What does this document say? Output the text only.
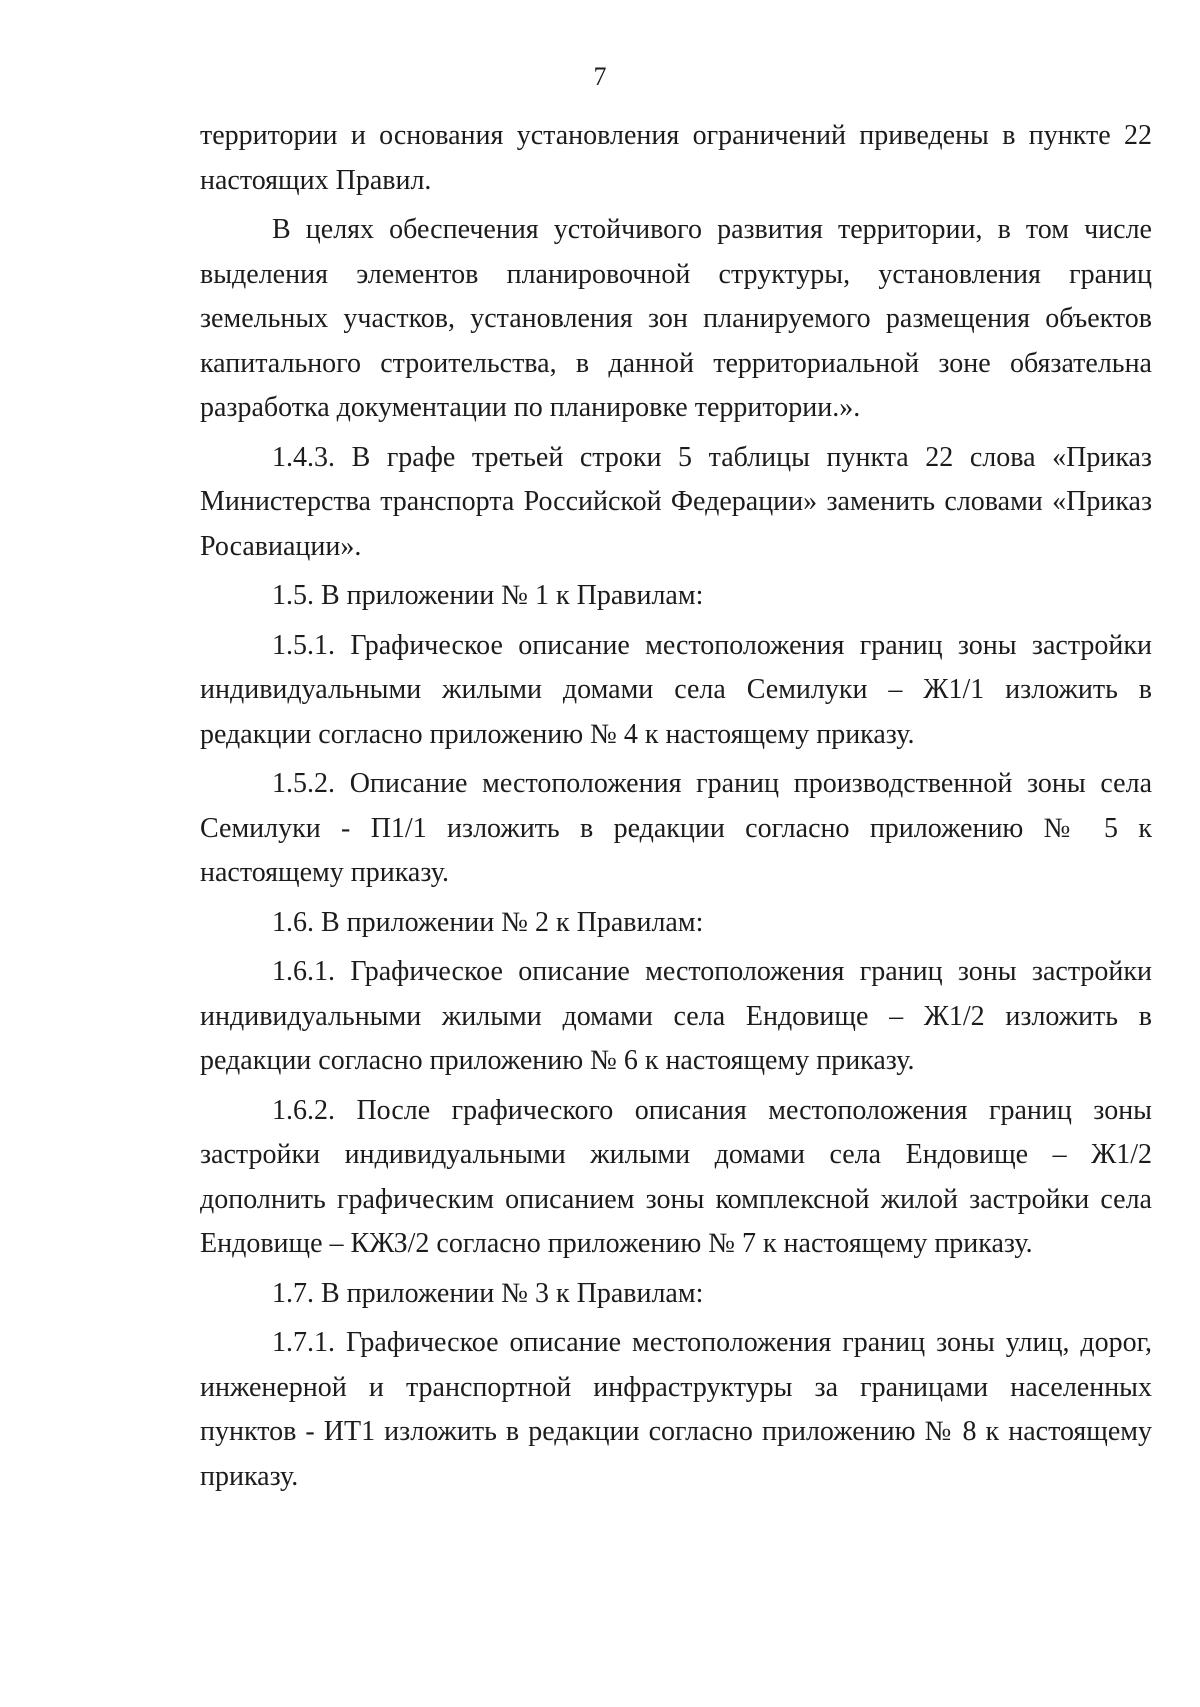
7

территории и основания установления ограничений приведены в пункте 22 настоящих Правил.

В целях обеспечения устойчивого развития территории, в том числе выделения элементов планировочной структуры, установления границ земельных участков, установления зон планируемого размещения объектов капитального строительства, в данной территориальной зоне обязательна разработка документации по планировке территории.».

1.4.3. В графе третьей строки 5 таблицы пункта 22 слова «Приказ Министерства транспорта Российской Федерации» заменить словами «Приказ Росавиации».

1.5. В приложении № 1 к Правилам:

1.5.1. Графическое описание местоположения границ зоны застройки индивидуальными жилыми домами села Семилуки – Ж1/1 изложить в редакции согласно приложению № 4 к настоящему приказу.

1.5.2. Описание местоположения границ производственной зоны села Семилуки - П1/1 изложить в редакции согласно приложению № 5 к настоящему приказу.

1.6. В приложении № 2 к Правилам:

1.6.1. Графическое описание местоположения границ зоны застройки индивидуальными жилыми домами села Ендовище – Ж1/2 изложить в редакции согласно приложению № 6 к настоящему приказу.

1.6.2. После графического описания местоположения границ зоны застройки индивидуальными жилыми домами села Ендовище – Ж1/2 дополнить графическим описанием зоны комплексной жилой застройки села Ендовище – КЖЗ/2 согласно приложению № 7 к настоящему приказу.

1.7. В приложении № 3 к Правилам:

1.7.1. Графическое описание местоположения границ зоны улиц, дорог, инженерной и транспортной инфраструктуры за границами населенных пунктов - ИТ1 изложить в редакции согласно приложению № 8 к настоящему приказу.
